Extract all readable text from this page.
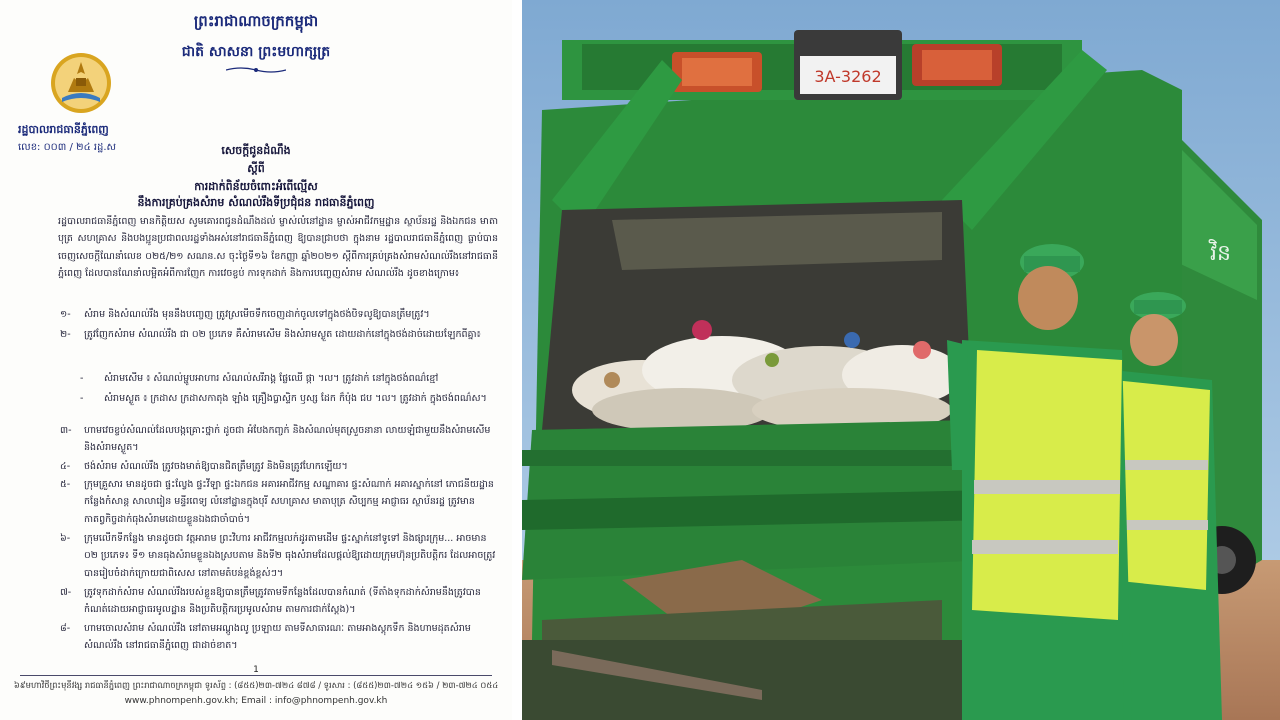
ព្រះរាជាណាចក្រកម្ពុជា
ជាតិ សាសនា ព្រះមហាក្សត្រ
រដ្ឋបាលរាជធានីភ្នំពេញ
លេខ: ០០៣ / ២៤ រដ្ឋ.ស	សេចក្តីជូនដំណឹង
ស្តីពី
ការដាក់ពិន័យចំពោះអំពើល្មើស
នឹងការគ្រប់គ្រងសំរាម សំណល់រឹងទីប្រជុំជន រាជធានីភ្នំពេញ
រដ្ឋបាលរាជធានីភ្នំពេញ មានកិត្តិយស សូមគោរពជូនដំណឹងដល់ ម្ចាស់លំនៅដ្ឋាន ម្ចាស់អាជីវកម្មដ្ឋាន ស្ថាប័នរដ្ឋ និងឯកជន មាតាបុត្រ សហគ្រាស និងបងប្អូនប្រជាពលរដ្ឋទាំងអស់នៅរាជធានីភ្នំពេញ ឱ្យបានជ្រាបថា ក្នុងនាម រដ្ឋបាលរាជធានីភ្នំពេញ ធ្លាប់បានចេញសេចក្តីណែនាំលេខ ០២៥/២១ សណន.ស ចុះថ្ងៃទី១៦ ខែកញ្ញា ឆ្នាំ២០២១ ស្តីពីការគ្រប់គ្រងសំរាមសំណល់រឹងនៅរាជធានីភ្នំពេញ ដែលបានណែនាំលម្អិតអំពីការញែក ការវេចខ្ចប់ ការទុកដាក់ និងការបញ្ចេញសំរាម សំណល់រឹង ដូចខាងក្រោម៖
១-	សំរាម និងសំណល់រឹង មុននឹងបញ្ចេញ ត្រូវស្រមើចទឹកចេញដាក់ចូលទៅក្នុងថង់បិទលូឱ្យបានត្រឹមត្រូវ។
២-	ត្រូវញែកសំរាម សំណល់រឹង ជា ០២ ប្រភេទ គឺសំរាមសើម និងសំរាមស្ងួត ដោយដាក់នៅក្នុងថង់ដាច់ដោយឡែកពីគ្នា៖
-	សំរាមសើម ៖ សំណល់ម្ហូបអាហារ សំណល់សរីរាង្គ ផ្លែឈើ ផ្កា ។ល។ ត្រូវដាក់ នៅក្នុងថង់ពណ៌ខ្មៅ
-	សំរាមស្ងួត ៖ ក្រដាស ក្រដាសកាតុង ឡាំង គ្រឿងប្លាស្ទិក ឫស្ស ដែក ក៏ប៉ុង ជប ។ល។ ត្រូវដាក់ ក្នុងថង់ពណ៌ស។
៣-	ហាមវេចខ្ចប់សំណល់ដែលបង្កគ្រោះថ្នាក់ ដូចជា អំបែងកញ្ចក់ និងសំណល់មុតស្រួចនានា លាយឡំជាមួយនឹងសំរាមសើម និងសំរាមស្ងួត។
៤-	ថង់សំរាម សំណល់រឹង ត្រូវចងមាត់ឱ្យបានជិតត្រឹមត្រូវ និងមិនត្រូវហែកឡើយ។
៥-	ក្រុមគ្រួសារ មានដូចជា ផ្ទះល្វែង ផ្ទះវីឡា ផ្ទះឯកជន អគារអាជីវកម្ម សណ្ឋាគារ ផ្ទះសំណាក់ អគារស្នាក់នៅ ភោជនីយដ្ឋាន កន្លែងកំសាន្ត សាលារៀន មន្ទីរពេទ្យ លំនៅដ្ឋានក្នុងបុរី សហគ្រាស មាតាបុត្រ សិប្បកម្ម អាជ្ញាធរ ស្ថាប័នរដ្ឋ ត្រូវមានកាតព្វកិច្ចដាក់ធុងសំរាមដោយខ្លួនឯងជាចាំបាច់។
៦-	ក្រុមលើកទីកន្លែង មានដូចជា វត្តអារាម ព្រះវិហារ អាជីវកម្មលក់ដូរតាមដើម ផ្ទះស្នាក់នៅទូទៅ និងផ្សារក្រុម... អាចមាន ០២ ប្រភេទ៖ ទី១ មានធុងសំរាមខ្លួនឯងស្របតាម និងទី២ ធុងសំរាមដែលផ្តល់ឱ្យដោយក្រុមហ៊ុនប្រតិបត្តិករ ដែលអាចត្រូវបានរៀបចំដាក់ក្រោយជាពិសេស នៅតាមតំបន់ខ្ពង់ខ្ពស់ៗ។
៧-	ត្រូវទុកដាក់សំរាម សំណល់រឹងរបស់ខ្លួនឱ្យបានត្រឹមត្រូវតាមទីកន្លែងដែលបានកំណត់ (ទីតាំងទុកដាក់សំរាមនឹងត្រូវបានកំណត់ដោយអាជ្ញាធរមូលដ្ឋាន និងប្រតិបត្តិករប្រមូលសំរាម តាមការជាក់ស្តែង)។
៨-	ហាមចោលសំរាម សំណល់រឹង នៅតាមអណ្តូងលូ ប្រឡាយ តាមទីសាធារណៈ តាមអាងស្តុកទឹក និងហាមដុតសំរាម សំណល់រឹង នៅរាជធានីភ្នំពេញ ជាដាច់ខាត។
1
៦៩មហាវិថីព្រះមុនីវង្ស រាជធានីភ្នំពេញ ព្រះរាជាណាចក្រកម្ពុជា ទូរស័ព្ទ : (៨៥៥)២៣-៧២៤ ៨៧៨ / ទូរសារ : (៨៥៥)២៣-៧២៤ ១៥៦ / ២៣-៧២៤ ០៥៤
www.phnompenh.gov.kh; Email : info@phnompenh.gov.kh
វិន
3A-3262
